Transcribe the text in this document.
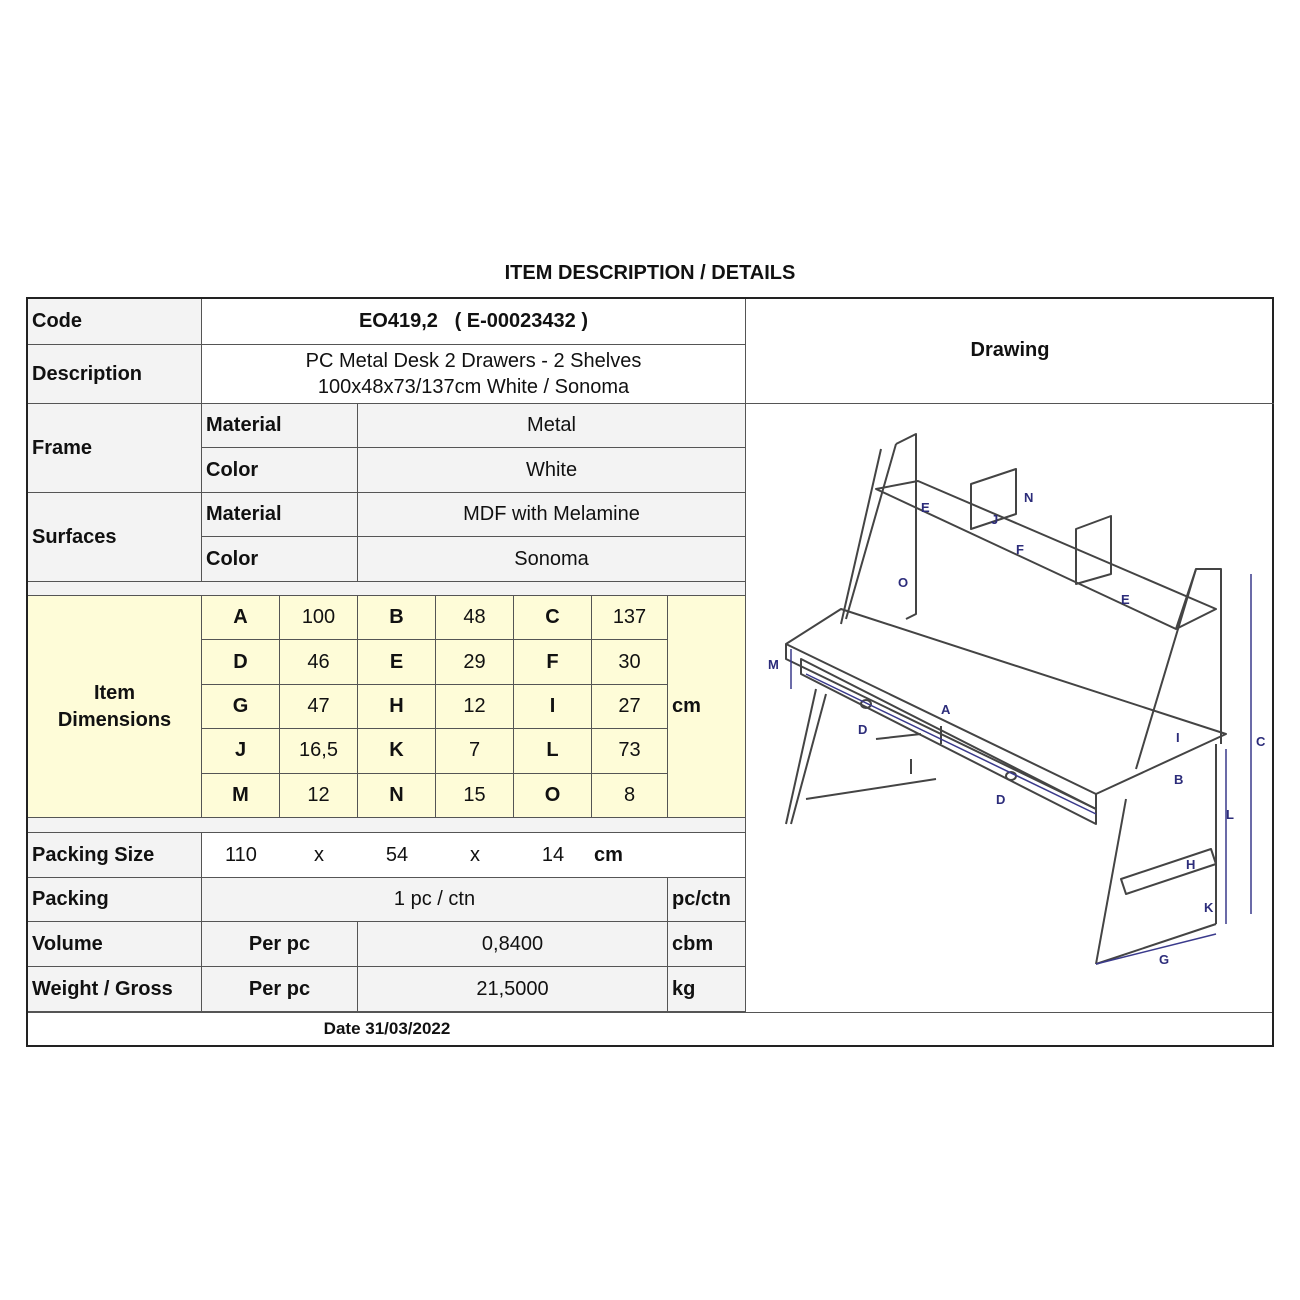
ITEM DESCRIPTION / DETAILS
Code	EO419,2   ( E-00023432 )
Description
PC Metal Desk 2 Drawers - 2 Shelves
100x48x73/137cm White / Sonoma
Drawing
Frame
Material	Metal
Color	White
Surfaces
Material	MDF with Melamine
Color	Sonoma
Item
Dimensions
A	100	B	48	C	137
D	46	E	29	F	30
G	47	H	12	I	27
J	16,5	K	7	L	73
M	12	N	15	O	8
cm
Packing Size	110	x	54	x	14	cm
Packing	1 pc / ctn	pc/ctn
Volume	Per pc	0,8400	cbm
Weight / Gross	Per pc	21,5000	kg
Date 31/03/2022
M
A
C
D
D
E
E
F
G
H
I
J
K
L
N
O
B
